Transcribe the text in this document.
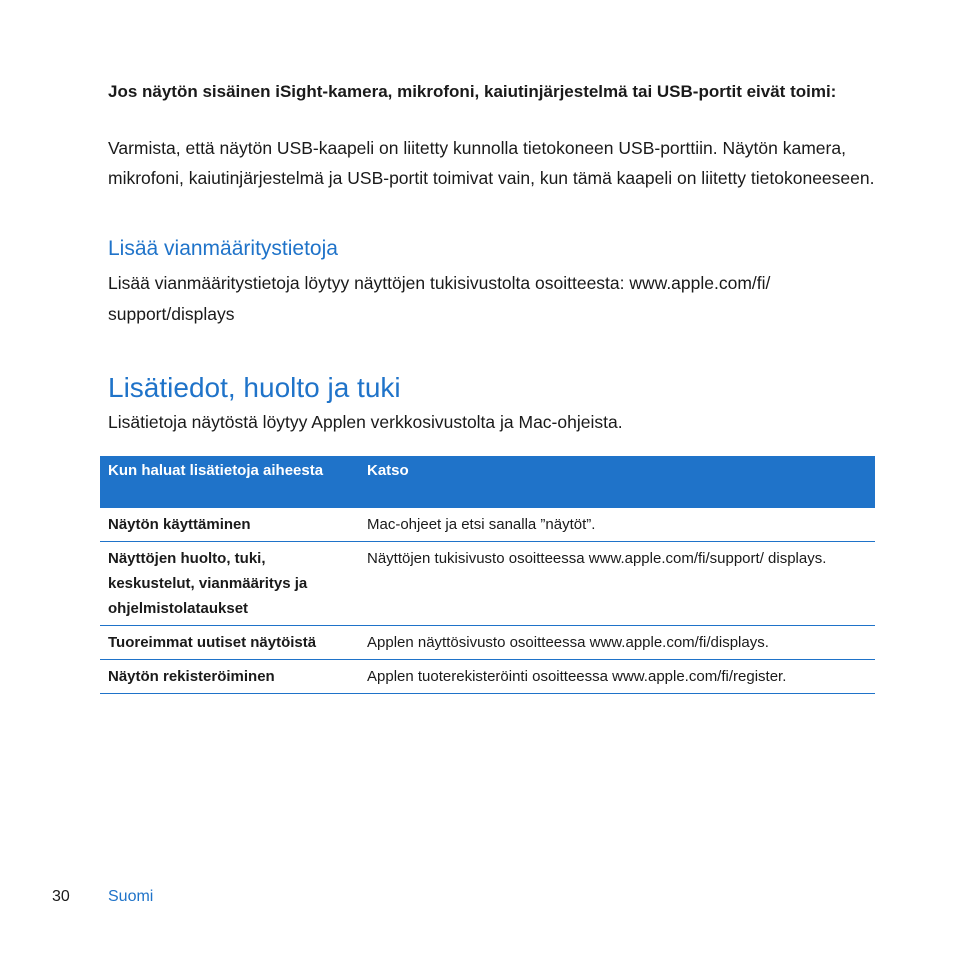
Jos näytön sisäinen iSight-kamera, mikrofoni, kaiutinjärjestelmä tai USB-portit eivät toimi:
Varmista, että näytön USB-kaapeli on liitetty kunnolla tietokoneen USB-porttiin. Näytön kamera, mikrofoni, kaiutinjärjestelmä ja USB-portit toimivat vain, kun tämä kaapeli on liitetty tietokoneeseen.
Lisää vianmääritystietoja
Lisää vianmääritystietoja löytyy näyttöjen tukisivustolta osoitteesta: www.apple.com/fi/ support/displays
Lisätiedot, huolto ja tuki
Lisätietoja näytöstä löytyy Applen verkkosivustolta ja Mac-ohjeista.
Kun haluat lisätietoja aiheesta	Katso
Näytön käyttäminen	Mac-ohjeet ja etsi sanalla ”näytöt”.
Näyttöjen huolto, tuki, keskustelut, vianmääritys ja ohjelmistolataukset	Näyttöjen tukisivusto osoitteessa www.apple.com/fi/support/ displays.
Tuoreimmat uutiset näytöistä	Applen näyttösivusto osoitteessa www.apple.com/fi/displays.
Näytön rekisteröiminen	Applen tuoterekisteröinti osoitteessa www.apple.com/fi/register.
30 Suomi
